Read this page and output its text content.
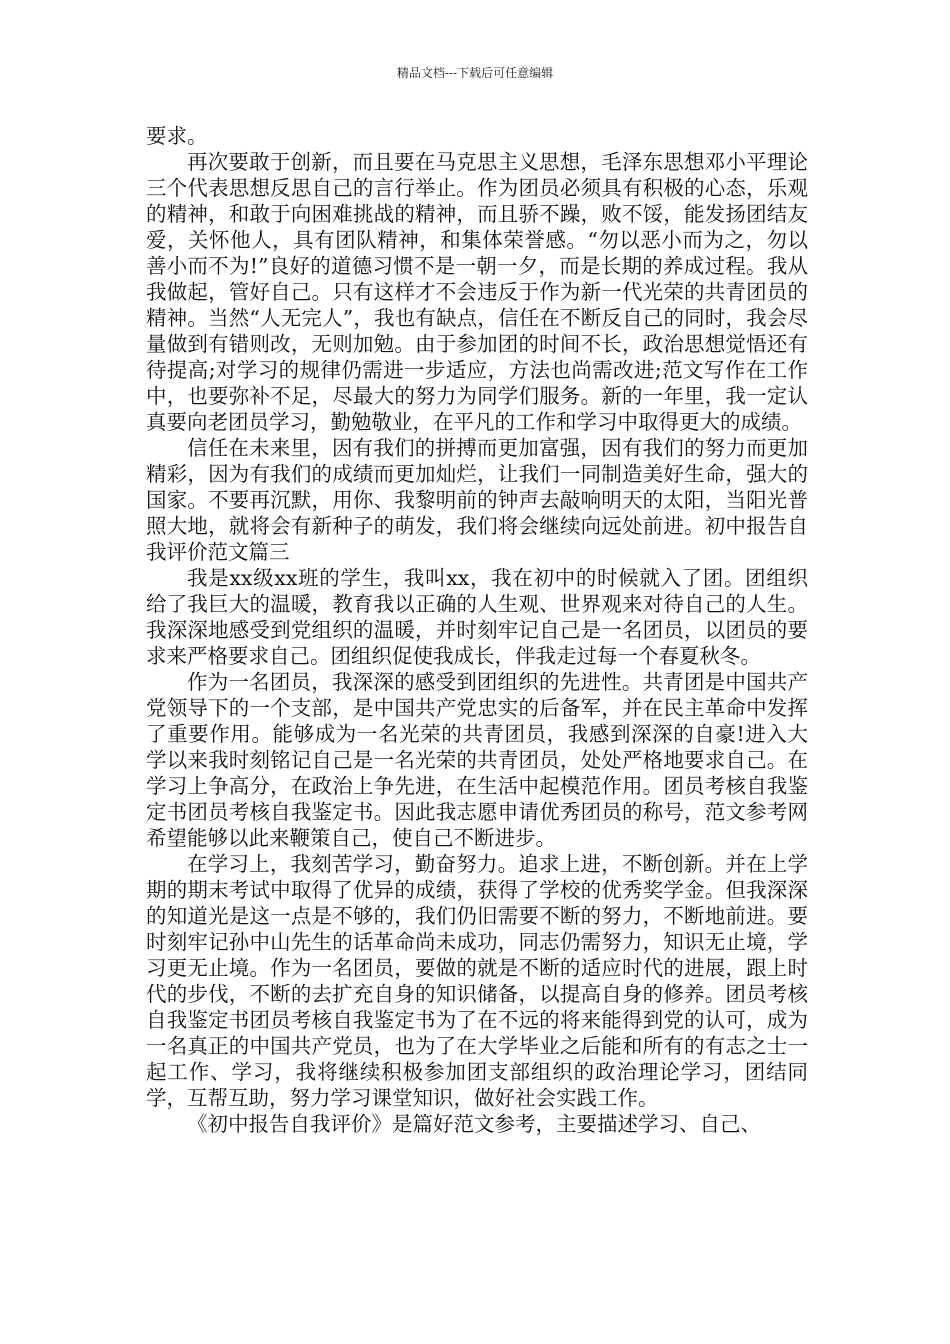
精品文档---下载后可任意编辑

要求。

再次要敢于创新，而且要在马克思主义思想，毛泽东思想邓小平理论三个代表思想反思自己的言行举止。作为团员必须具有积极的心态，乐观的精神，和敢于向困难挑战的精神，而且骄不躁，败不馁，能发扬团结友爱，关怀他人，具有团队精神，和集体荣誉感。“勿以恶小而为之，勿以善小而不为!”良好的道德习惯不是一朝一夕，而是长期的养成过程。我从我做起，管好自己。只有这样才不会违反于作为新一代光荣的共青团员的精神。当然“人无完人”，我也有缺点，信任在不断反自己的同时，我会尽量做到有错则改，无则加勉。由于参加团的时间不长，政治思想觉悟还有待提高;对学习的规律仍需进一步适应，方法也尚需改进;范文写作在工作中，也要弥补不足，尽最大的努力为同学们服务。新的一年里，我一定认真要向老团员学习，勤勉敬业，在平凡的工作和学习中取得更大的成绩。

信任在未来里，因有我们的拼搏而更加富强，因有我们的努力而更加精彩，因为有我们的成绩而更加灿烂，让我们一同制造美好生命，强大的国家。不要再沉默，用你、我黎明前的钟声去敲响明天的太阳，当阳光普照大地，就将会有新种子的萌发，我们将会继续向远处前进。初中报告自我评价范文篇三

我是xx级xx班的学生，我叫xx，我在初中的时候就入了团。团组织给了我巨大的温暖，教育我以正确的人生观、世界观来对待自己的人生。我深深地感受到党组织的温暖，并时刻牢记自己是一名团员，以团员的要求来严格要求自己。团组织促使我成长，伴我走过每一个春夏秋冬。

作为一名团员，我深深的感受到团组织的先进性。共青团是中国共产党领导下的一个支部，是中国共产党忠实的后备军，并在民主革命中发挥了重要作用。能够成为一名光荣的共青团员，我感到深深的自豪!进入大学以来我时刻铭记自己是一名光荣的共青团员，处处严格地要求自己。在学习上争高分，在政治上争先进，在生活中起模范作用。团员考核自我鉴定书团员考核自我鉴定书。因此我志愿申请优秀团员的称号，范文参考网希望能够以此来鞭策自己，使自己不断进步。

在学习上，我刻苦学习，勤奋努力。追求上进，不断创新。并在上学期的期末考试中取得了优异的成绩，获得了学校的优秀奖学金。但我深深的知道光是这一点是不够的，我们仍旧需要不断的努力，不断地前进。要时刻牢记孙中山先生的话革命尚未成功，同志仍需努力，知识无止境，学习更无止境。作为一名团员，要做的就是不断的适应时代的进展，跟上时代的步伐，不断的去扩充自身的知识储备，以提高自身的修养。团员考核自我鉴定书团员考核自我鉴定书为了在不远的将来能得到党的认可，成为一名真正的中国共产党员，也为了在大学毕业之后能和所有的有志之士一起工作、学习，我将继续积极参加团支部组织的政治理论学习，团结同学，互帮互助，努力学习课堂知识，做好社会实践工作。

《初中报告自我评价》是篇好范文参考，主要描述学习、自己、
